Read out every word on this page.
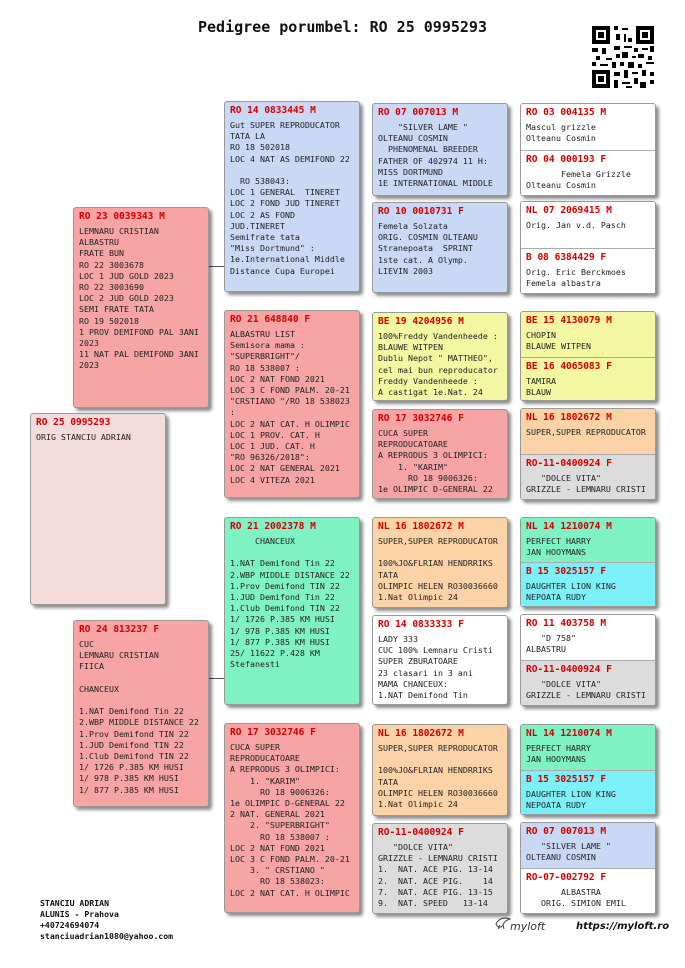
Pedigree porumbel: RO 25 0995293
RO 25 0995293
ORIG STANCIU ADRIAN
RO 23 0039343 M
LEMNARU CRISTIAN
ALBASTRU
FRATE BUN
RO 22 3003678
LOC 1 JUD GOLD 2023
RO 22 3003690
LOC 2 JUD GOLD 2023
SEMI FRATE TATA
RO 19 502018
1 PROV DEMIFOND PAL 3ANI 2023
11 NAT PAL DEMIFOND 3ANI 2023
RO 24 813237 F
CUC
LEMNARU CRISTIAN
FIICA

CHANCEUX

1.NAT Demifond Tin 22
2.WBP MIDDLE DISTANCE 22
1.Prov Demifond TIN 22
1.JUD Demifond TIN 22
1.Club Demifond TIN 22
1/ 1726 P.385 KM HUSI
1/ 978 P.385 KM HUSI
1/ 877 P.385 KM HUSI
RO 14 0833445 M
Gut SUPER REPRODUCATOR
TATA LA
RO 18 502018
LOC 4 NAT AS DEMIFOND 22

RO 538043:
LOC 1 GENERAL  TINERET
LOC 2 FOND JUD TINERET
LOC 2 AS FOND JUD.TINERET
Semifrate tata
"Miss Dortmund" :
1e.International Middle
Distance Cupa Europei
RO 21 648840 F
ALBASTRU LIST
Semisora mama :
"SUPERBRIGHT"/
RO 18 538007 :
LOC 2 NAT FOND 2021
LOC 3 C FOND PALM. 20-21
"CRSTIANO "/RO 18 538023
:
LOC 2 NAT CAT. H OLIMPIC
LOC 1 PROV. CAT. H
LOC 1 JUD. CAT. H
"RO 96326/2018":
LOC 2 NAT GENERAL 2021
LOC 4 VITEZA 2021
RO 21 2002378 M
CHANCEUX

1.NAT Demifond Tin 22
2.WBP MIDDLE DISTANCE 22
1.Prov Demifond TIN 22
1.JUD Demifond Tin 22
1.Club Demifond TIN 22
1/ 1726 P.385 KM HUSI
1/ 978 P.385 KM HUSI
1/ 877 P.385 KM HUSI
25/ 11622 P.428 KM Stefanesti
RO 17 3032746 F
CUCA SUPER REPRODUCATOARE
A REPRODUS 3 OLIMPICI:
1. "KARIM"
RO 18 9006326:
1e OLIMPIC D-GENERAL 22
2 NAT. GENERAL 2021
2. "SUPERBRIGHT"
RO 18 538007 :
LOC 2 NAT FOND 2021
LOC 3 C FOND PALM. 20-21
3. " CRSTIANO "
RO 18 538023:
LOC 2 NAT CAT. H OLIMPIC
RO 07 007013 M
"SILVER LAME "
OLTEANU COSMIN
PHENOMENAL BREEDER
FATHER OF 402974 11 H:
MISS DORTMUND
1E INTERNATIONAL MIDDLE
RO 10 0010731 F
Femela Solzata
ORIG. COSMIN OLTEANU
Stranepoata  SPRINT
1ste cat. A Olymp.
LIEVIN 2003
BE 19 4204956 M
100%Freddy Vandenheede :
BLAUWE WITPEN
Dublu Nepot " MATTHEO",
cel mai bun reproducator
Freddy Vandenheede :
A castigat 1e.Nat. 24
RO 17 3032746 F
CUCA SUPER REPRODUCATOARE
A REPRODUS 3 OLIMPICI:
1. "KARIM"
RO 18 9006326:
1e OLIMPIC D-GENERAL 22
NL 16 1802672 M
SUPER,SUPER REPRODUCATOR

100%JO&FLRIAN HENDRRIKS
TATA
OLIMPIC HELEN RO30036660
1.Nat Olimpic 24
RO 14 0833333 F
LADY 333
CUC 100% Lemnaru Cristi
SUPER ZBURATOARE
23 clasari in 3 ani
MAMA CHANCEUX:
1.NAT Demifond Tin
NL 16 1802672 M
SUPER,SUPER REPRODUCATOR

100%JO&FLRIAN HENDRRIKS
TATA
OLIMPIC HELEN RO30036660
1.Nat Olimpic 24
RO-11-0400924 F
"DOLCE VITA"
GRIZZLE - LEMNARU CRISTI
1.  NAT. ACE PIG. 13-14
2.  NAT. ACE PIG.    14
7.  NAT. ACE PIG. 13-15
9.  NAT. SPEED   13-14
RO 03 004135 M
Mascul grizzle
Olteanu Cosmin
RO 04 000193 F
Femela Grizzle
Olteanu Cosmin
NL 07 2069415 M
Orig. Jan v.d. Pasch
B 08 6384429 F
Orig. Eric Berckmoes
Femela albastra
BE 15 4130079 M
CHOPIN
BLAUWE WITPEN
BE 16 4065083 F
TAMIRA
BLAUW
NL 16 1802672 M
SUPER,SUPER REPRODUCATOR
RO-11-0400924 F
"DOLCE VITA"
GRIZZLE - LEMNARU CRISTI
NL 14 1210074 M
PERFECT HARRY
JAN HOOYMANS
B 15 3025157 F
DAUGHTER LION KING
NEPOATA RUDY
RO 11 403758 M
"D 758"
ALBASTRU
RO-11-0400924 F
"DOLCE VITA"
GRIZZLE - LEMNARU CRISTI
NL 14 1210074 M
PERFECT HARRY
JAN HOOYMANS
B 15 3025157 F
DAUGHTER LION KING
NEPOATA RUDY
RO 07 007013 M
"SILVER LAME "
OLTEANU COSMIN
RO-07-002792 F
ALBASTRA
ORIG. SIMION EMIL
STANCIU ADRIAN
ALUNIS - Prahova
+40724694074
stanciuadrian1080@yahoo.com
myloft	https://myloft.ro
